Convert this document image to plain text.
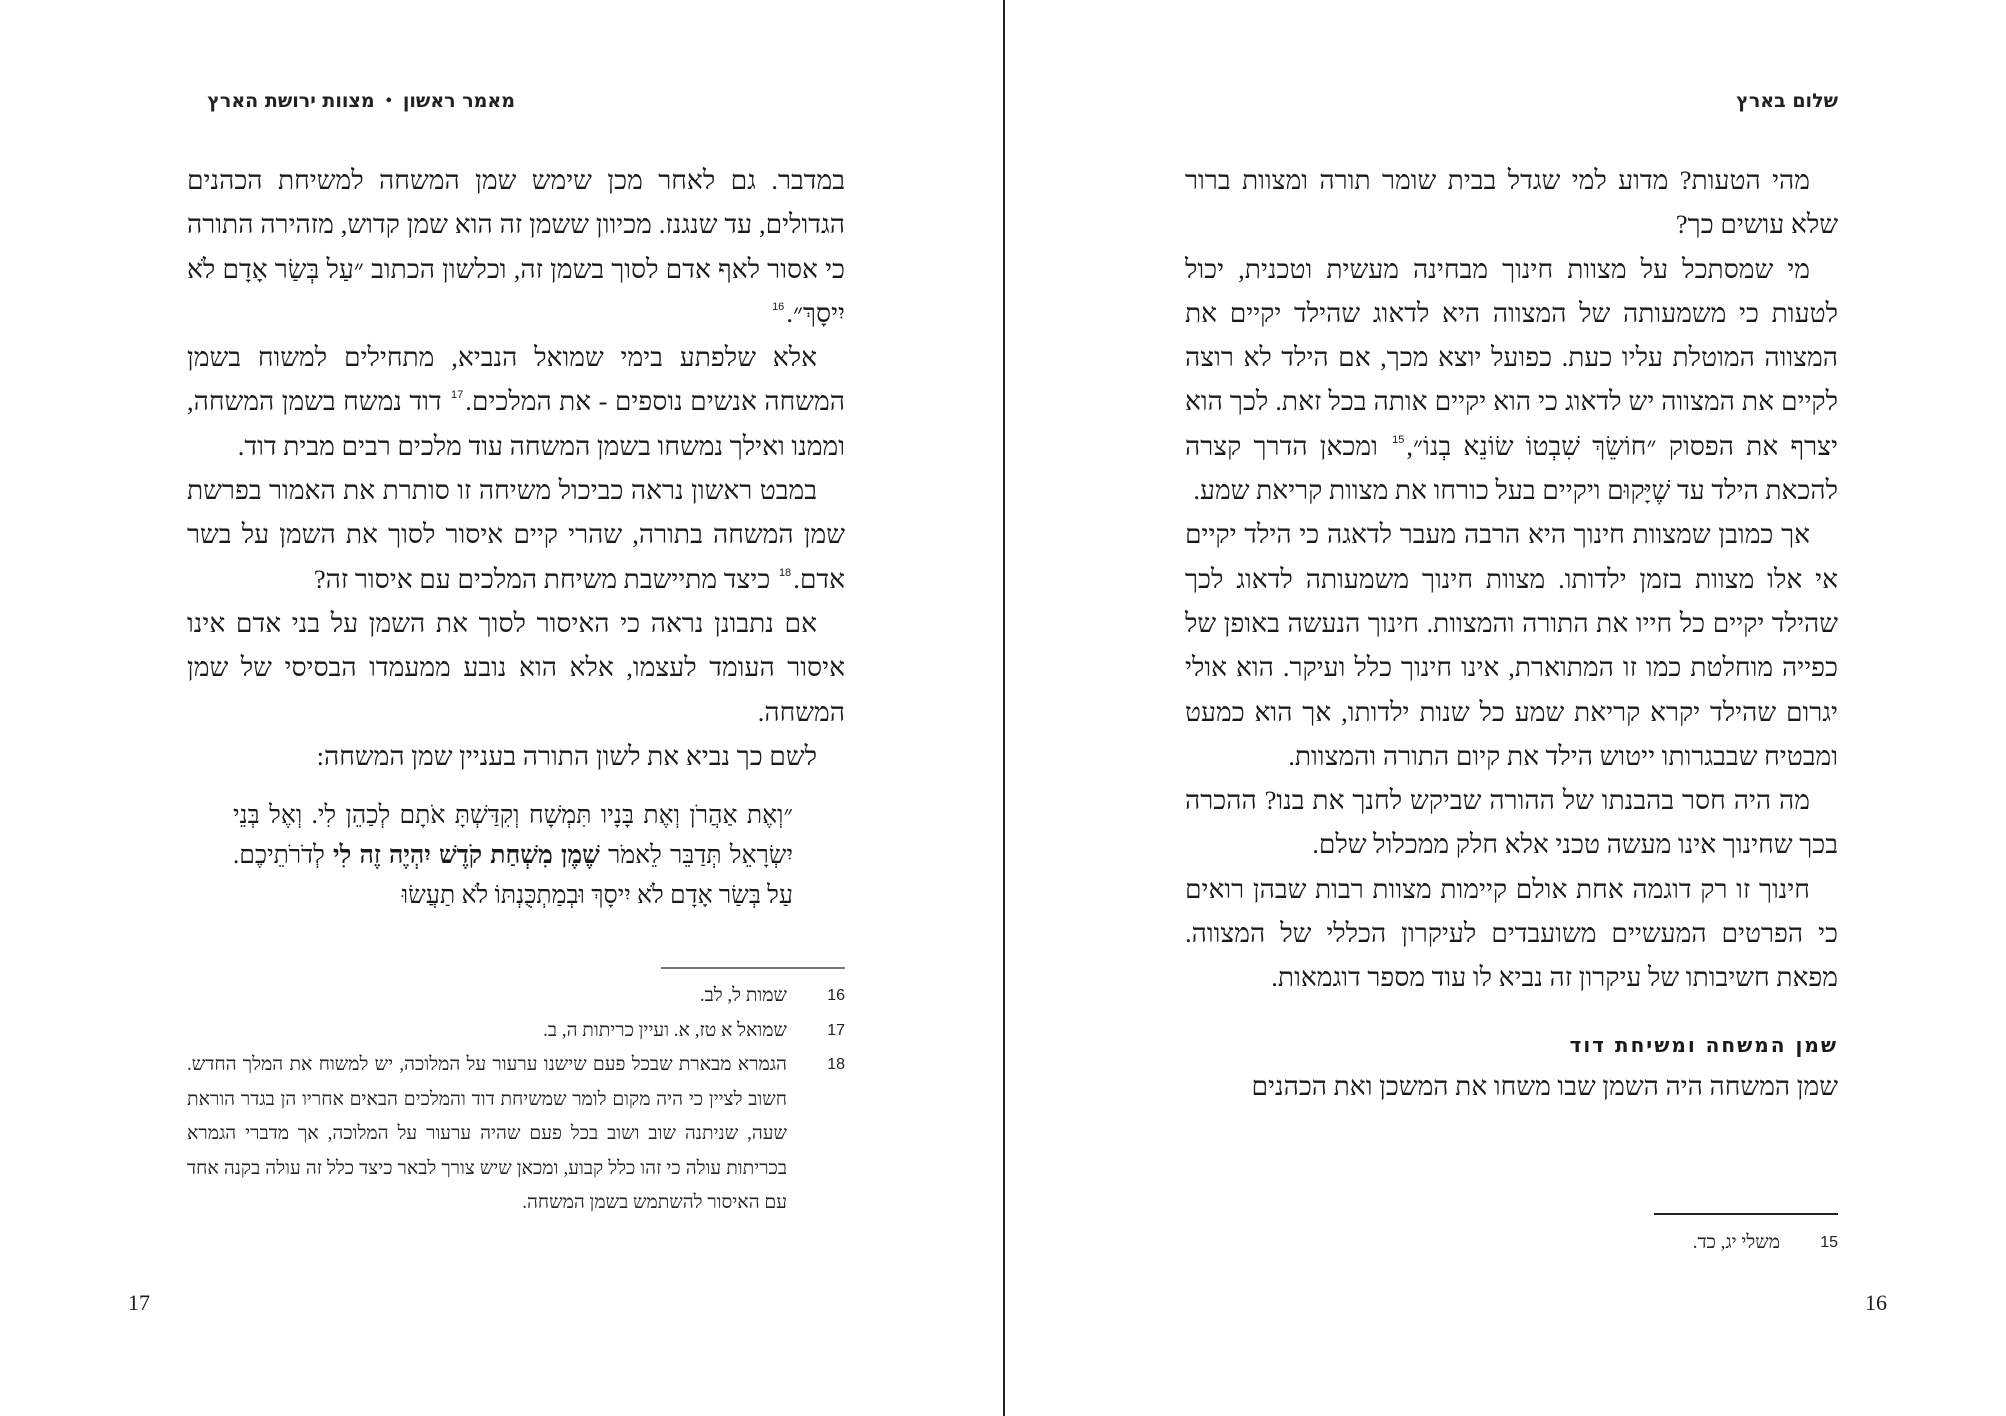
מאמר ראשון•מצוות ירושת הארץ

במדבר. גם לאחר מכן שימש שמן המשחה למשיחת הכהנים הגדולים, עד שנגנז. מכיוון ששמן זה הוא שמן קדוש, מזהירה התורה כי אסור לאף אדם לסוך בשמן זה, וכלשון הכתוב ״עַל בְּשַׂר אָדָם לֹא יִיסָךְ״.$^{16}$

אלא שלפתע בימי שמואל הנביא, מתחילים למשוח בשמן המשחה אנשים נוספים - את המלכים.$^{17}$ דוד נמשח בשמן המשחה, וממנו ואילך נמשחו בשמן המשחה עוד מלכים רבים מבית דוד.

במבט ראשון נראה כביכול משיחה זו סותרת את האמור בפרשת שמן המשחה בתורה, שהרי קיים איסור לסוך את השמן על בשר אדם.$^{18}$ כיצד מתיישבת משיחת המלכים עם איסור זה?

אם נתבונן נראה כי האיסור לסוך את השמן על בני אדם אינו איסור העומד לעצמו, אלא הוא נובע ממעמדו הבסיסי של שמן המשחה.

לשם כך נביא את לשון התורה בעניין שמן המשחה:

״וְאֶת אַהֲרֹן וְאֶת בָּנָיו תִּמְשָׁח וְקִדַּשְׁתָּ אֹתָם לְכַהֵן לִי. וְאֶל בְּנֵי יִשְׂרָאֵל תְּדַבֵּר לֵאמֹר שֶׁמֶן מִשְׁחַת קֹדֶשׁ יִהְיֶה זֶה לִי לְדֹרֹתֵיכֶם. עַל בְּשַׂר אָדָם לֹא יִיסָךְ וּבְמַתְכֻּנְתּוֹ לֹא תַעֲשׂוּ
16
שמות ל, לב.
17
שמואל א טז, א. ועיין כריתות ה, ב.
18
הגמרא מבארת שבכל פעם שישנו ערעור על המלוכה, יש למשוח את המלך החדש. חשוב לציין כי היה מקום לומר שמשיחת דוד והמלכים הבאים אחריו הן בגדר הוראת שעה, שניתנה שוב ושוב בכל פעם שהיה ערעור על המלוכה, אך מדברי הגמרא בכריתות עולה כי זהו כלל קבוע, ומכאן שיש צורך לבאר כיצד כלל זה עולה בקנה אחד עם האיסור להשתמש בשמן המשחה.
17
שלום בארץ

מהי הטעות? מדוע למי שגדל בבית שומר תורה ומצוות ברור שלא עושים כך?

מי שמסתכל על מצוות חינוך מבחינה מעשית וטכנית, יכול לטעות כי משמעותה של המצווה היא לדאוג שהילד יקיים את המצווה המוטלת עליו כעת. כפועל יוצא מכך, אם הילד לא רוצה לקיים את המצווה יש לדאוג כי הוא יקיים אותה בכל זאת. לכך הוא יצרף את הפסוק ״חוֹשֵׂךְ שִׁבְטוֹ שׂוֹנֵא בְנוֹ״,$^{15}$ ומכאן הדרך קצרה להכאת הילד עד שֶׁיָּקוּם ויקיים בעל כורחו את מצוות קריאת שמע.

אך כמובן שמצוות חינוך היא הרבה מעבר לדאגה כי הילד יקיים אי אלו מצוות בזמן ילדותו. מצוות חינוך משמעותה לדאוג לכך שהילד יקיים כל חייו את התורה והמצוות. חינוך הנעשה באופן של כפייה מוחלטת כמו זו המתוארת, אינו חינוך כלל ועיקר. הוא אולי יגרום שהילד יקרא קריאת שמע כל שנות ילדותו, אך הוא כמעט ומבטיח שבבגרותו ייטוש הילד את קיום התורה והמצוות.

מה היה חסר בהבנתו של ההורה שביקש לחנך את בנו? ההכרה בכך שחינוך אינו מעשה טכני אלא חלק ממכלול שלם.

חינוך זו רק דוגמה אחת אולם קיימות מצוות רבות שבהן רואים כי הפרטים המעשיים משועבדים לעיקרון הכללי של המצווה. מפאת חשיבותו של עיקרון זה נביא לו עוד מספר דוגמאות.

שמן המשחה ומשיחת דוד

שמן המשחה היה השמן שבו משחו את המשכן ואת הכהנים

15
משלי יג, כד.
16
